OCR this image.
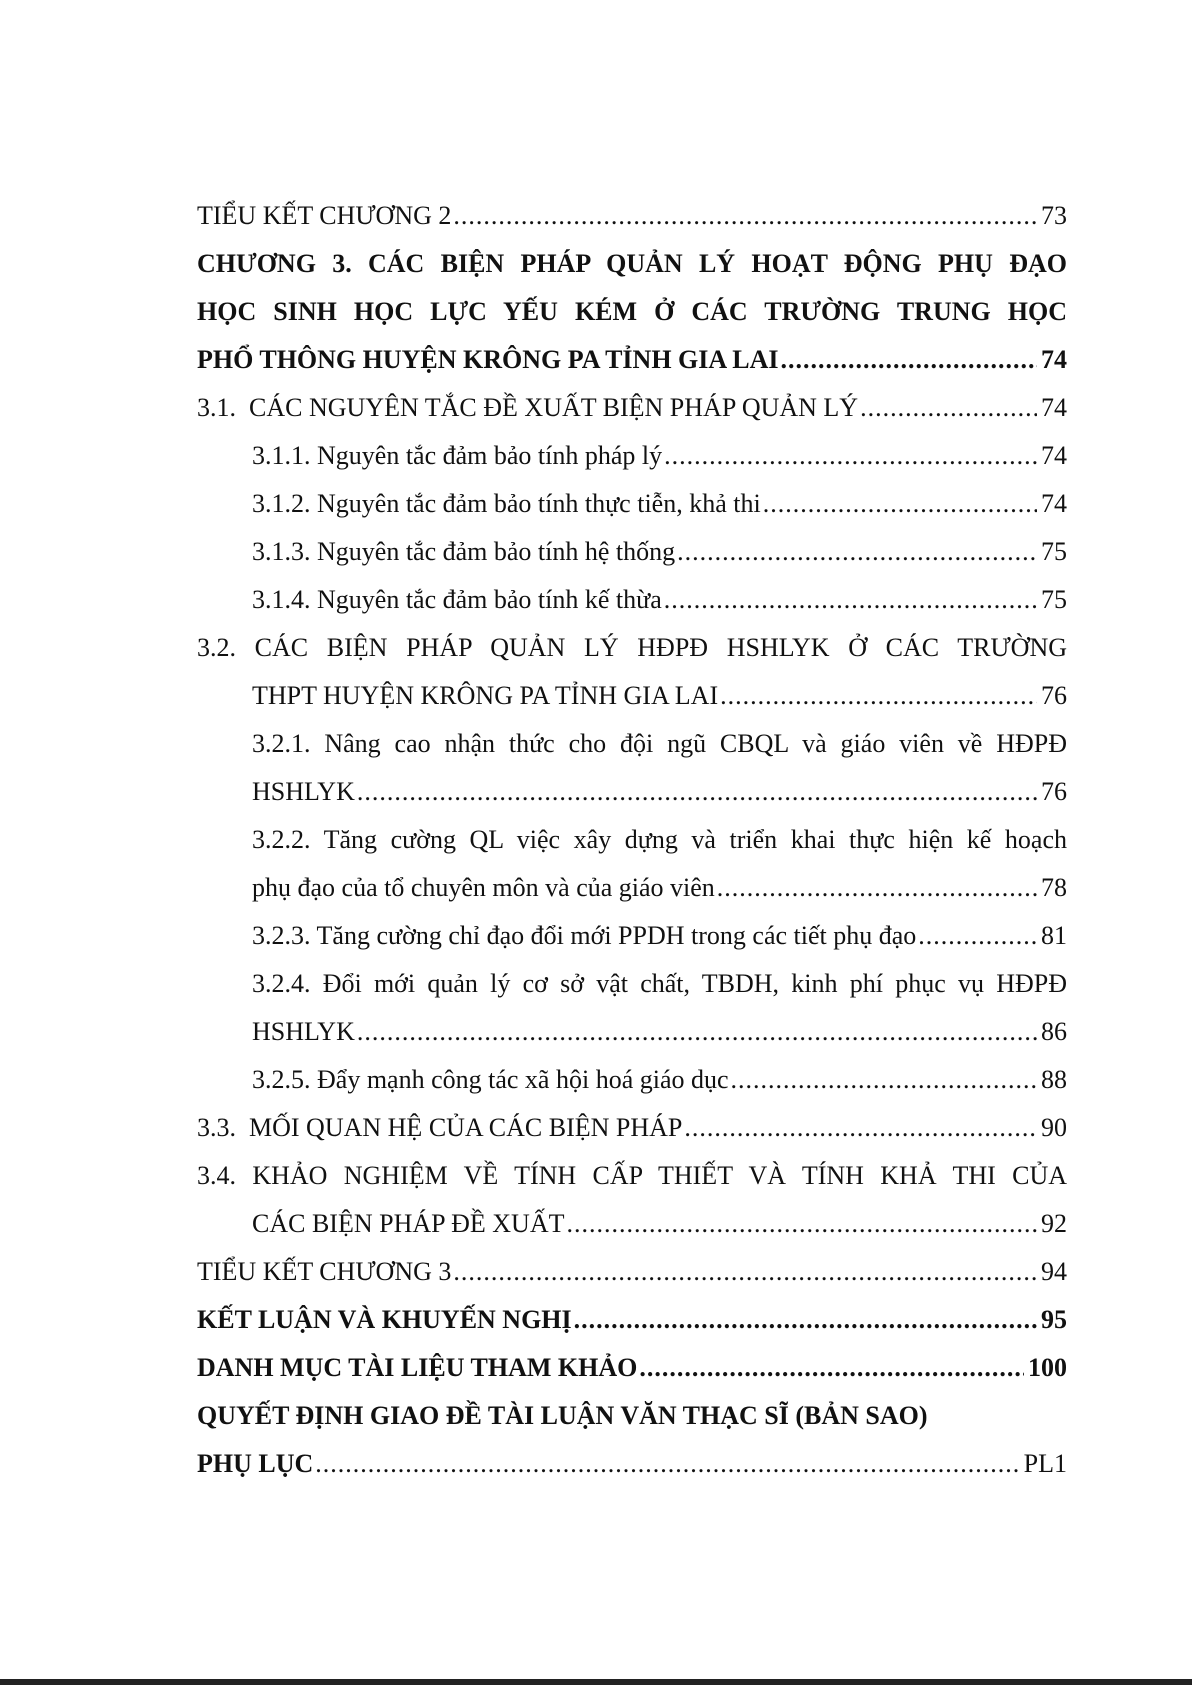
TIỂU KẾT CHƯƠNG 2 .....	73
CHƯƠNG 3. CÁC BIỆN PHÁP QUẢN LÝ HOẠT ĐỘNG PHỤ ĐẠO
HỌC SINH HỌC LỰC YẾU KÉM Ở CÁC TRƯỜNG TRUNG HỌC
PHỔ THÔNG HUYỆN KRÔNG PA TỈNH GIA LAI .....	74
3.1.  CÁC NGUYÊN TẮC ĐỀ XUẤT BIỆN PHÁP QUẢN LÝ .....	74
3.1.1. Nguyên tắc đảm bảo tính pháp lý .....	74
3.1.2. Nguyên tắc đảm bảo tính thực tiễn, khả thi .....	74
3.1.3. Nguyên tắc đảm bảo tính hệ thống .....	75
3.1.4. Nguyên tắc đảm bảo tính kế thừa .....	75
3.2. CÁC BIỆN PHÁP QUẢN LÝ HĐPĐ HSHLYK Ở CÁC TRƯỜNG
THPT HUYỆN KRÔNG PA TỈNH GIA LAI .....	76
3.2.1. Nâng cao nhận thức cho đội ngũ CBQL và giáo viên về HĐPĐ
HSHLYK .....	76
3.2.2. Tăng cường QL việc xây dựng và triển khai thực hiện kế hoạch
phụ đạo của tổ chuyên môn và của giáo viên .....	78
3.2.3. Tăng cường chỉ đạo đổi mới PPDH trong các tiết phụ đạo .....	81
3.2.4. Đổi mới quản lý cơ sở vật chất, TBDH, kinh phí phục vụ HĐPĐ
HSHLYK .....	86
3.2.5. Đẩy mạnh công tác xã hội hoá giáo dục .....	88
3.3.  MỐI QUAN HỆ CỦA CÁC BIỆN PHÁP .....	90
3.4. KHẢO NGHIỆM VỀ TÍNH CẤP THIẾT VÀ TÍNH KHẢ THI CỦA
CÁC BIỆN PHÁP ĐỀ XUẤT .....	92
TIỂU KẾT CHƯƠNG 3 .....	94
KẾT LUẬN VÀ KHUYẾN NGHỊ .....	95
DANH MỤC TÀI LIỆU THAM KHẢO .....	100
QUYẾT ĐỊNH GIAO ĐỀ TÀI LUẬN VĂN THẠC SĨ (BẢN SAO)
PHỤ LỤC .....	PL1
